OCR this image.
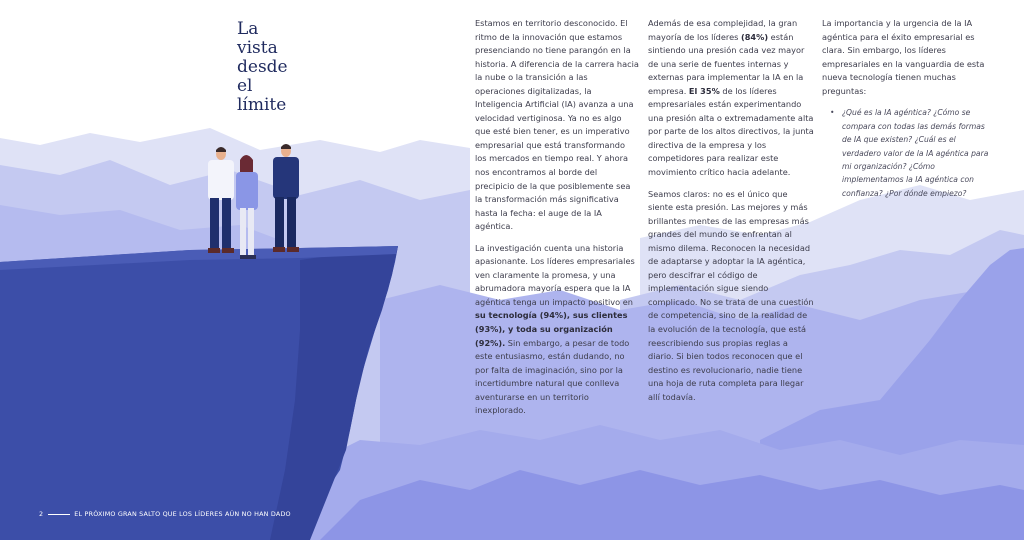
La
vista
desde
el
límite

Estamos en territorio desconocido. El ritmo de la innovación que estamos presenciando no tiene parangón en la historia. A diferencia de la carrera hacia la nube o la transición a las operaciones digitalizadas, la Inteligencia Artificial (IA) avanza a una velocidad vertiginosa. Ya no es algo que esté bien tener, es un imperativo empresarial que está transformando los mercados en tiempo real. Y ahora nos encontramos al borde del precipicio de la que posiblemente sea la transformación más significativa hasta la fecha: el auge de la IA agéntica.

La investigación cuenta una historia apasionante. Los líderes empresariales ven claramente la promesa, y una abrumadora mayoría espera que la IA agéntica tenga un impacto positivo en su tecnología (94%), sus clientes (93%), y toda su organización (92%). Sin embargo, a pesar de todo este entusiasmo, están dudando, no por falta de imaginación, sino por la incertidumbre natural que conlleva aventurarse en un territorio inexplorado.

Además de esa complejidad, la gran mayoría de los líderes (84%) están sintiendo una presión cada vez mayor de una serie de fuentes internas y externas para implementar la IA en la empresa. El 35% de los líderes empresariales están experimentando una presión alta o extremadamente alta por parte de los altos directivos, la junta directiva de la empresa y los competidores para realizar este movimiento crítico hacia adelante.

Seamos claros: no es el único que siente esta presión. Las mejores y más brillantes mentes de las empresas más grandes del mundo se enfrentan al mismo dilema. Reconocen la necesidad de adaptarse y adoptar la IA agéntica, pero descifrar el código de implementación sigue siendo complicado. No se trata de una cuestión de competencia, sino de la realidad de la evolución de la tecnología, que está reescribiendo sus propias reglas a diario. Si bien todos reconocen que el destino es revolucionario, nadie tiene una hoja de ruta completa para llegar allí todavía.

La importancia y la urgencia de la IA agéntica para el éxito empresarial es clara. Sin embargo, los líderes empresariales en la vanguardia de esta nueva tecnología tienen muchas preguntas:

• ¿Qué es la IA agéntica? ¿Cómo se compara con todas las demás formas de IA que existen? ¿Cuál es el verdadero valor de la IA agéntica para mi organización? ¿Cómo implementamos la IA agéntica con confianza? ¿Por dónde empiezo?
2	EL PRÓXIMO GRAN SALTO QUE LOS LÍDERES AÚN NO HAN DADO
